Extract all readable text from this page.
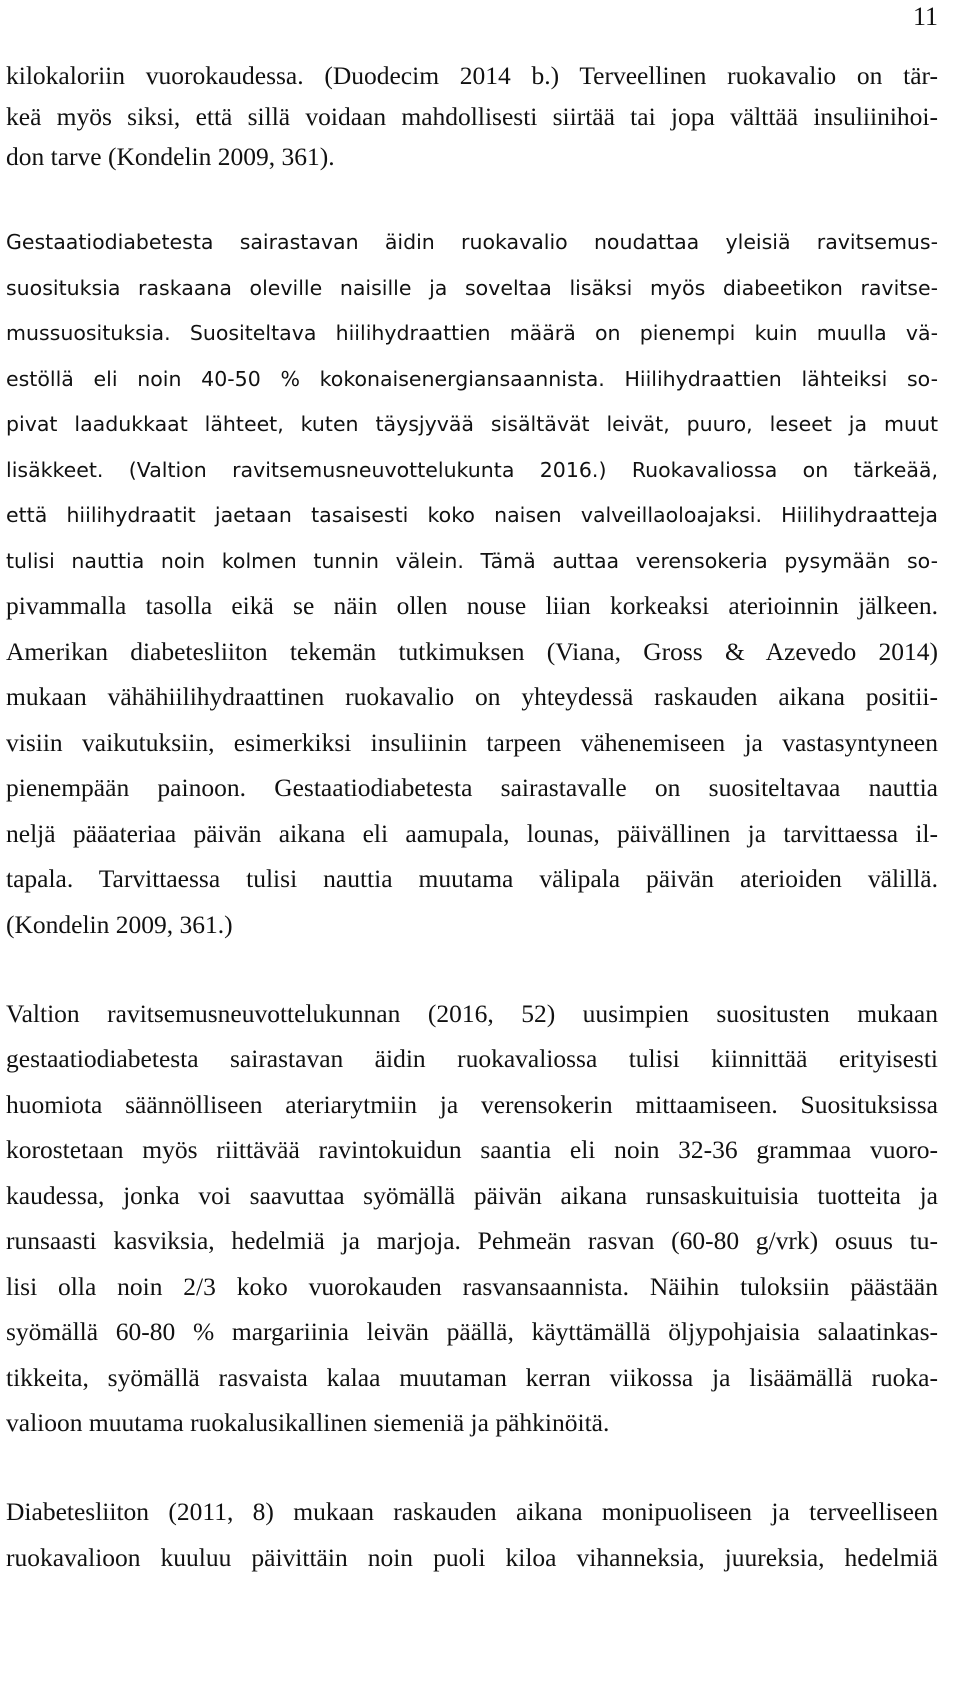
11
kilokaloriin vuorokaudessa. (Duodecim 2014 b.) Terveellinen ruokavalio on tär-
keä myös siksi, että sillä voidaan mahdollisesti siirtää tai jopa välttää insuliinihoi-
don tarve (Kondelin 2009, 361).
Gestaatiodiabetesta sairastavan äidin ruokavalio noudattaa yleisiä ravitsemus-
suosituksia raskaana oleville naisille ja soveltaa lisäksi myös diabeetikon ravitse-
mussuosituksia. Suositeltava hiilihydraattien määrä on pienempi kuin muulla vä-
estöllä eli noin 40-50 % kokonaisenergiansaannista. Hiilihydraattien lähteiksi so-
pivat laadukkaat lähteet, kuten täysjyvää sisältävät leivät, puuro, leseet ja muut
lisäkkeet. (Valtion ravitsemusneuvottelukunta 2016.) Ruokavaliossa on tärkeää,
että hiilihydraatit jaetaan tasaisesti koko naisen valveillaoloajaksi. Hiilihydraatteja
tulisi nauttia noin kolmen tunnin välein. Tämä auttaa verensokeria pysymään so-
pivammalla tasolla eikä se näin ollen nouse liian korkeaksi aterioinnin jälkeen.
Amerikan diabetesliiton tekemän tutkimuksen (Viana, Gross & Azevedo 2014)
mukaan vähähiilihydraattinen ruokavalio on yhteydessä raskauden aikana positii-
visiin vaikutuksiin, esimerkiksi insuliinin tarpeen vähenemiseen ja vastasyntyneen
pienempään painoon. Gestaatiodiabetesta sairastavalle on suositeltavaa nauttia
neljä pääateriaa päivän aikana eli aamupala, lounas, päivällinen ja tarvittaessa il-
tapala. Tarvittaessa tulisi nauttia muutama välipala päivän aterioiden välillä.
(Kondelin 2009, 361.)
Valtion ravitsemusneuvottelukunnan (2016, 52) uusimpien suositusten mukaan
gestaatiodiabetesta sairastavan äidin ruokavaliossa tulisi kiinnittää erityisesti
huomiota säännölliseen ateriarytmiin ja verensokerin mittaamiseen. Suosituksissa
korostetaan myös riittävää ravintokuidun saantia eli noin 32-36 grammaa vuoro-
kaudessa, jonka voi saavuttaa syömällä päivän aikana runsaskuituisia tuotteita ja
runsaasti kasviksia, hedelmiä ja marjoja. Pehmeän rasvan (60-80 g/vrk) osuus tu-
lisi olla noin 2/3 koko vuorokauden rasvansaannista. Näihin tuloksiin päästään
syömällä 60-80 % margariinia leivän päällä, käyttämällä öljypohjaisia salaatinkas-
tikkeita, syömällä rasvaista kalaa muutaman kerran viikossa ja lisäämällä ruoka-
valioon muutama ruokalusikallinen siemeniä ja pähkinöitä.
Diabetesliiton (2011, 8) mukaan raskauden aikana monipuoliseen ja terveelliseen
ruokavalioon kuuluu päivittäin noin puoli kiloa vihanneksia, juureksia, hedelmiä
